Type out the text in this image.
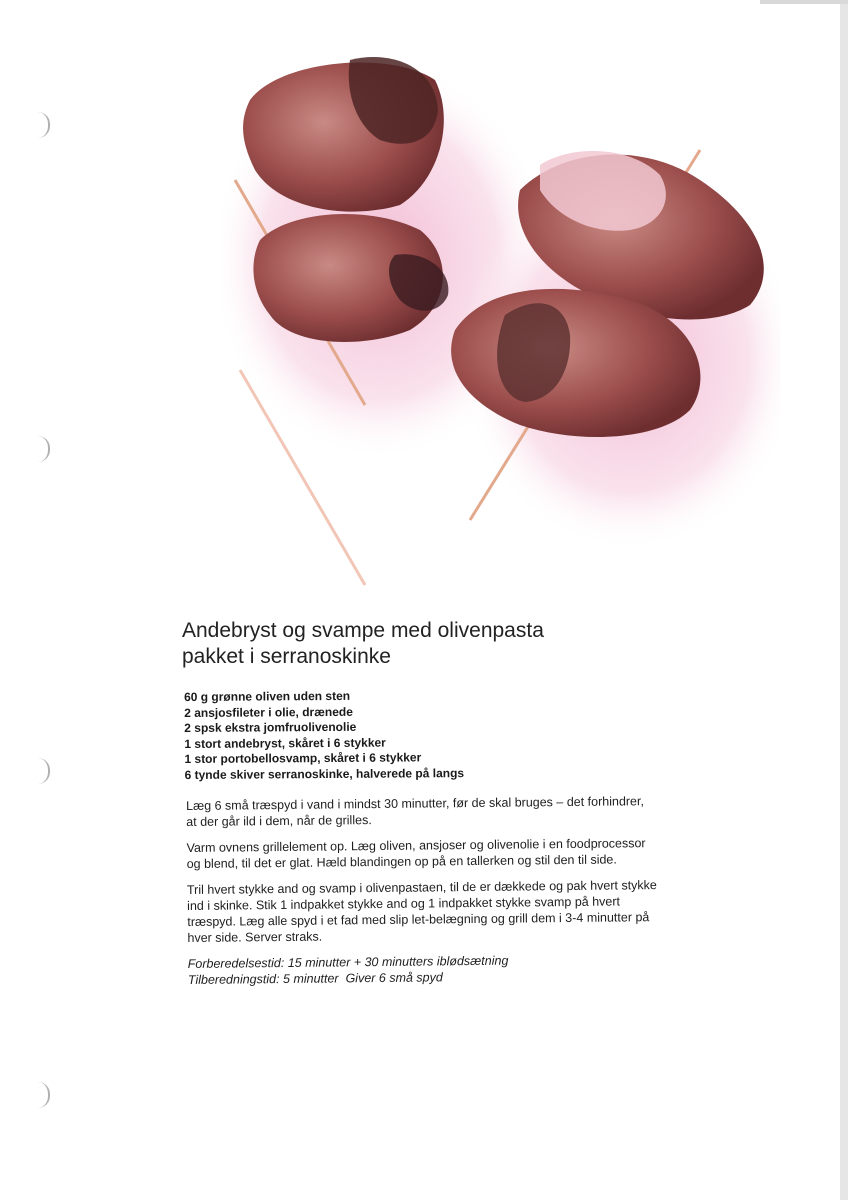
Andebryst og svampe med olivenpasta
pakket i serranoskinke
60 g grønne oliven uden sten
2 ansjosfileter i olie, drænede
2 spsk ekstra jomfruolivenolie
1 stort andebryst, skåret i 6 stykker
1 stor portobellosvamp, skåret i 6 stykker
6 tynde skiver serranoskinke, halverede på langs

Læg 6 små træspyd i vand i mindst 30 minutter, før de skal bruges – det forhindrer, at der går ild i dem, når de grilles.

Varm ovnens grillelement op. Læg oliven, ansjoser og olivenolie i en foodprocessor og blend, til det er glat. Hæld blandingen op på en tallerken og stil den til side.

Tril hvert stykke and og svamp i olivenpastaen, til de er dækkede og pak hvert stykke ind i skinke. Stik 1 indpakket stykke and og 1 indpakket stykke svamp på hvert træspyd. Læg alle spyd i et fad med slip let-belægning og grill dem i 3-4 minutter på hver side. Server straks.

Forberedelsestid: 15 minutter + 30 minutters iblødsætning
Tilberedningstid: 5 minutter Giver 6 små spyd
